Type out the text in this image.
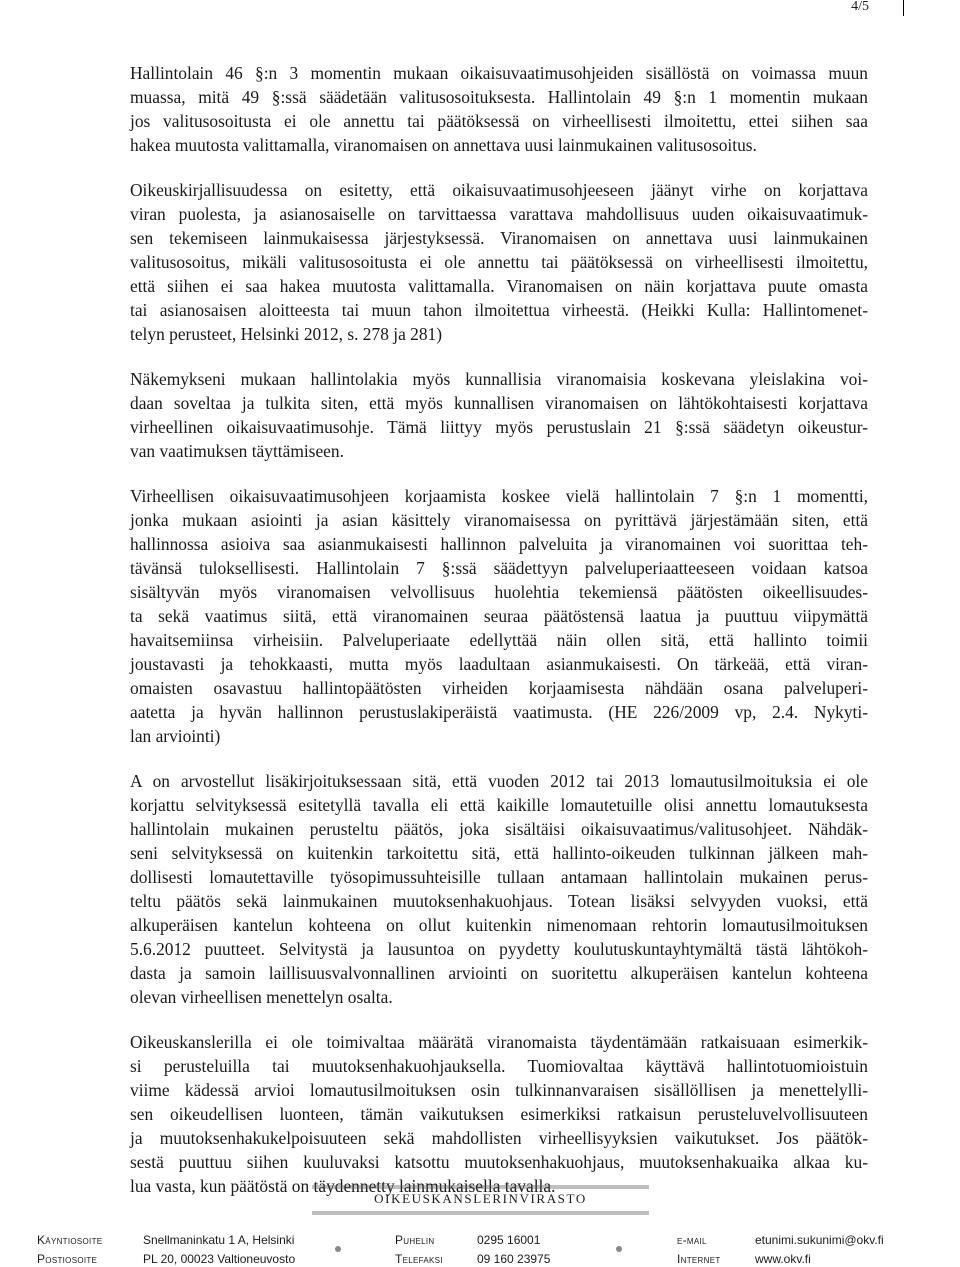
4/5

Hallintolain 46 §:n 3 momentin mukaan oikaisuvaatimusohjeiden sisällöstä on voimassa muun
muassa, mitä 49 §:ssä säädetään valitusosoituksesta. Hallintolain 49 §:n 1 momentin mukaan
jos valitusosoitusta ei ole annettu tai päätöksessä on virheellisesti ilmoitettu, ettei siihen saa
hakea muutosta valittamalla, viranomaisen on annettava uusi lainmukainen valitusosoitus.

Oikeuskirjallisuudessa on esitetty, että oikaisuvaatimusohjeeseen jäänyt virhe on korjattava
viran puolesta, ja asianosaiselle on tarvittaessa varattava mahdollisuus uuden oikaisuvaatimuk-
sen tekemiseen lainmukaisessa järjestyksessä. Viranomaisen on annettava uusi lainmukainen
valitusosoitus, mikäli valitusosoitusta ei ole annettu tai päätöksessä on virheellisesti ilmoitettu,
että siihen ei saa hakea muutosta valittamalla. Viranomaisen on näin korjattava puute omasta
tai asianosaisen aloitteesta tai muun tahon ilmoitettua virheestä. (Heikki Kulla: Hallintomenet-
telyn perusteet, Helsinki 2012, s. 278 ja 281)

Näkemykseni mukaan hallintolakia myös kunnallisia viranomaisia koskevana yleislakina voi-
daan soveltaa ja tulkita siten, että myös kunnallisen viranomaisen on lähtökohtaisesti korjattava
virheellinen oikaisuvaatimusohje. Tämä liittyy myös perustuslain 21 §:ssä säädetyn oikeustur-
van vaatimuksen täyttämiseen.

Virheellisen oikaisuvaatimusohjeen korjaamista koskee vielä hallintolain 7 §:n 1 momentti,
jonka mukaan asiointi ja asian käsittely viranomaisessa on pyrittävä järjestämään siten, että
hallinnossa asioiva saa asianmukaisesti hallinnon palveluita ja viranomainen voi suorittaa teh-
tävänsä tuloksellisesti. Hallintolain 7 §:ssä säädettyyn palveluperiaatteeseen voidaan katsoa
sisältyvän myös viranomaisen velvollisuus huolehtia tekemiensä päätösten oikeellisuudes-
ta sekä vaatimus siitä, että viranomainen seuraa päätöstensä laatua ja puuttuu viipymättä
havaitsemiinsa virheisiin. Palveluperiaate edellyttää näin ollen sitä, että hallinto toimii
joustavasti ja tehokkaasti, mutta myös laadultaan asianmukaisesti. On tärkeää, että viran-
omaisten osavastuu hallintopäätösten virheiden korjaamisesta nähdään osana palveluperi-
aatetta ja hyvän hallinnon perustuslakiperäistä vaatimusta. (HE 226/2009 vp, 2.4. Nykyti-
lan arviointi)

A on arvostellut lisäkirjoituksessaan sitä, että vuoden 2012 tai 2013 lomautusilmoituksia ei ole
korjattu selvityksessä esitetyllä tavalla eli että kaikille lomautetuille olisi annettu lomautuksesta
hallintolain mukainen perusteltu päätös, joka sisältäisi oikaisuvaatimus/valitusohjeet. Nähdäk-
seni selvityksessä on kuitenkin tarkoitettu sitä, että hallinto-oikeuden tulkinnan jälkeen mah-
dollisesti lomautettaville työsopimussuhteisille tullaan antamaan hallintolain mukainen perus-
teltu päätös sekä lainmukainen muutoksenhakuohjaus. Totean lisäksi selvyyden vuoksi, että
alkuperäisen kantelun kohteena on ollut kuitenkin nimenomaan rehtorin lomautusilmoituksen
5.6.2012 puutteet. Selvitystä ja lausuntoa on pyydetty koulutuskuntayhtymältä tästä lähtökoh-
dasta ja samoin laillisuusvalvonnallinen arviointi on suoritettu alkuperäisen kantelun kohteena
olevan virheellisen menettelyn osalta.

Oikeuskanslerilla ei ole toimivaltaa määrätä viranomaista täydentämään ratkaisuaan esimerkik-
si perusteluilla tai muutoksenhakuohjauksella. Tuomiovaltaa käyttävä hallintotuomioistuin
viime kädessä arvioi lomautusilmoituksen osin tulkinnanvaraisen sisällöllisen ja menettelylli-
sen oikeudellisen luonteen, tämän vaikutuksen esimerkiksi ratkaisun perusteluvelvollisuuteen
ja muutoksenhakukelpoisuuteen sekä mahdollisten virheellisyyksien vaikutukset. Jos päätök-
sestä puuttuu siihen kuuluvaksi katsottu muutoksenhakuohjaus, muutoksenhakuaika alkaa ku-
lua vasta, kun päätöstä on täydennetty lainmukaisella tavalla.

OIKEUSKANSLERINVIRASTO
Käyntiosoite	Snellmaninkatu 1 A, Helsinki
Postiosoite	PL 20, 00023 Valtioneuvosto
Puhelin	0295 16001
Telefaksi	09 160 23975
e-mail	etunimi.sukunimi@okv.fi
Internet	www.okv.fi
